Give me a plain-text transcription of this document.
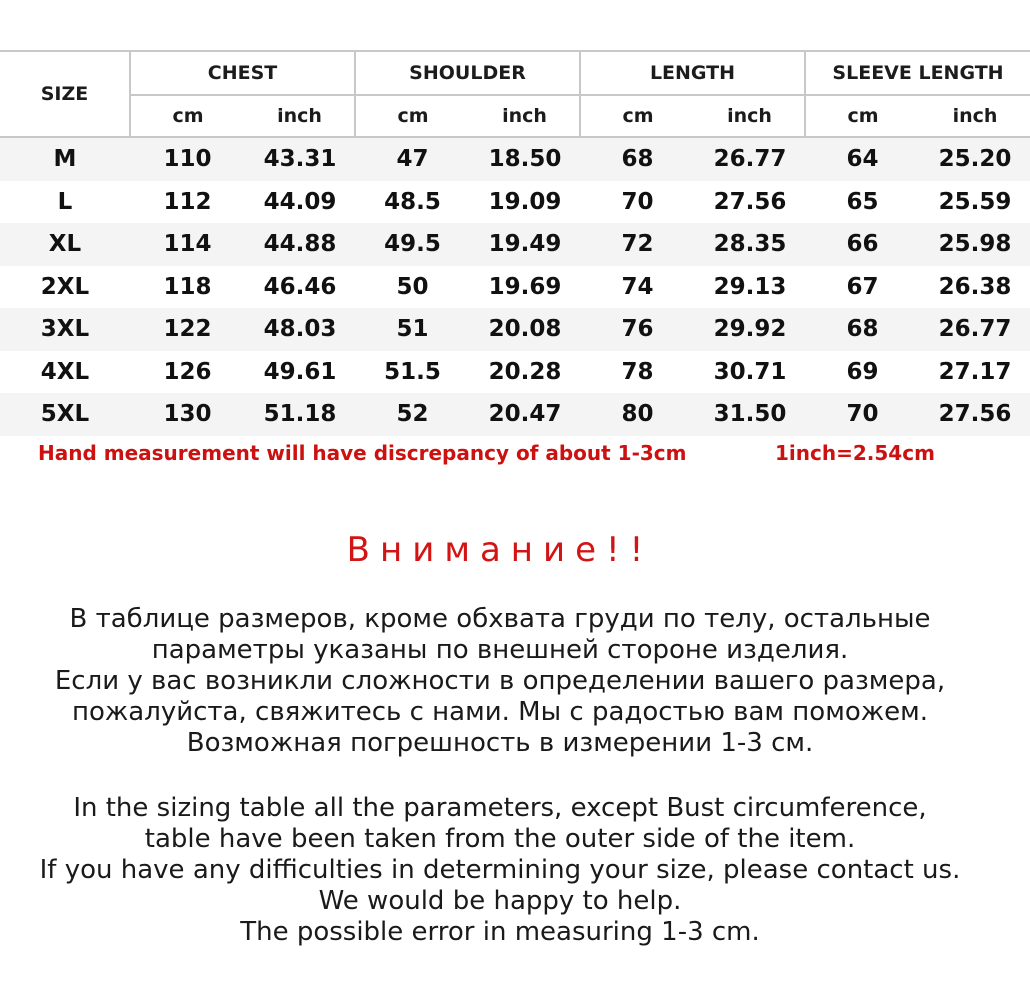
SIZE	CHEST		SHOULDER		LENGTH		SLEEVE LENGTH	
	cm	inch	cm	inch	cm	inch	cm	inch
M	110	43.31	47	18.50	68	26.77	64	25.20
L	112	44.09	48.5	19.09	70	27.56	65	25.59
XL	114	44.88	49.5	19.49	72	28.35	66	25.98
2XL	118	46.46	50	19.69	74	29.13	67	26.38
3XL	122	48.03	51	20.08	76	29.92	68	26.77
4XL	126	49.61	51.5	20.28	78	30.71	69	27.17
5XL	130	51.18	52	20.47	80	31.50	70	27.56
Hand measurement will have discrepancy of about 1-3cm	1inch=2.54cm
Внимание!!
В таблице размеров, кроме обхвата груди по телу, остальные
параметры указаны по внешней стороне изделия.
Если у вас возникли сложности в определении вашего размера,
пожалуйста, свяжитесь с нами. Мы с радостью вам поможем.
Возможная погрешность в измерении 1-3 см.
In the sizing table all the parameters, except Bust circumference,
table have been taken from the outer side of the item.
If you have any difficulties in determining your size, please contact us.
We would be happy to help.
The possible error in measuring 1-3 cm.
